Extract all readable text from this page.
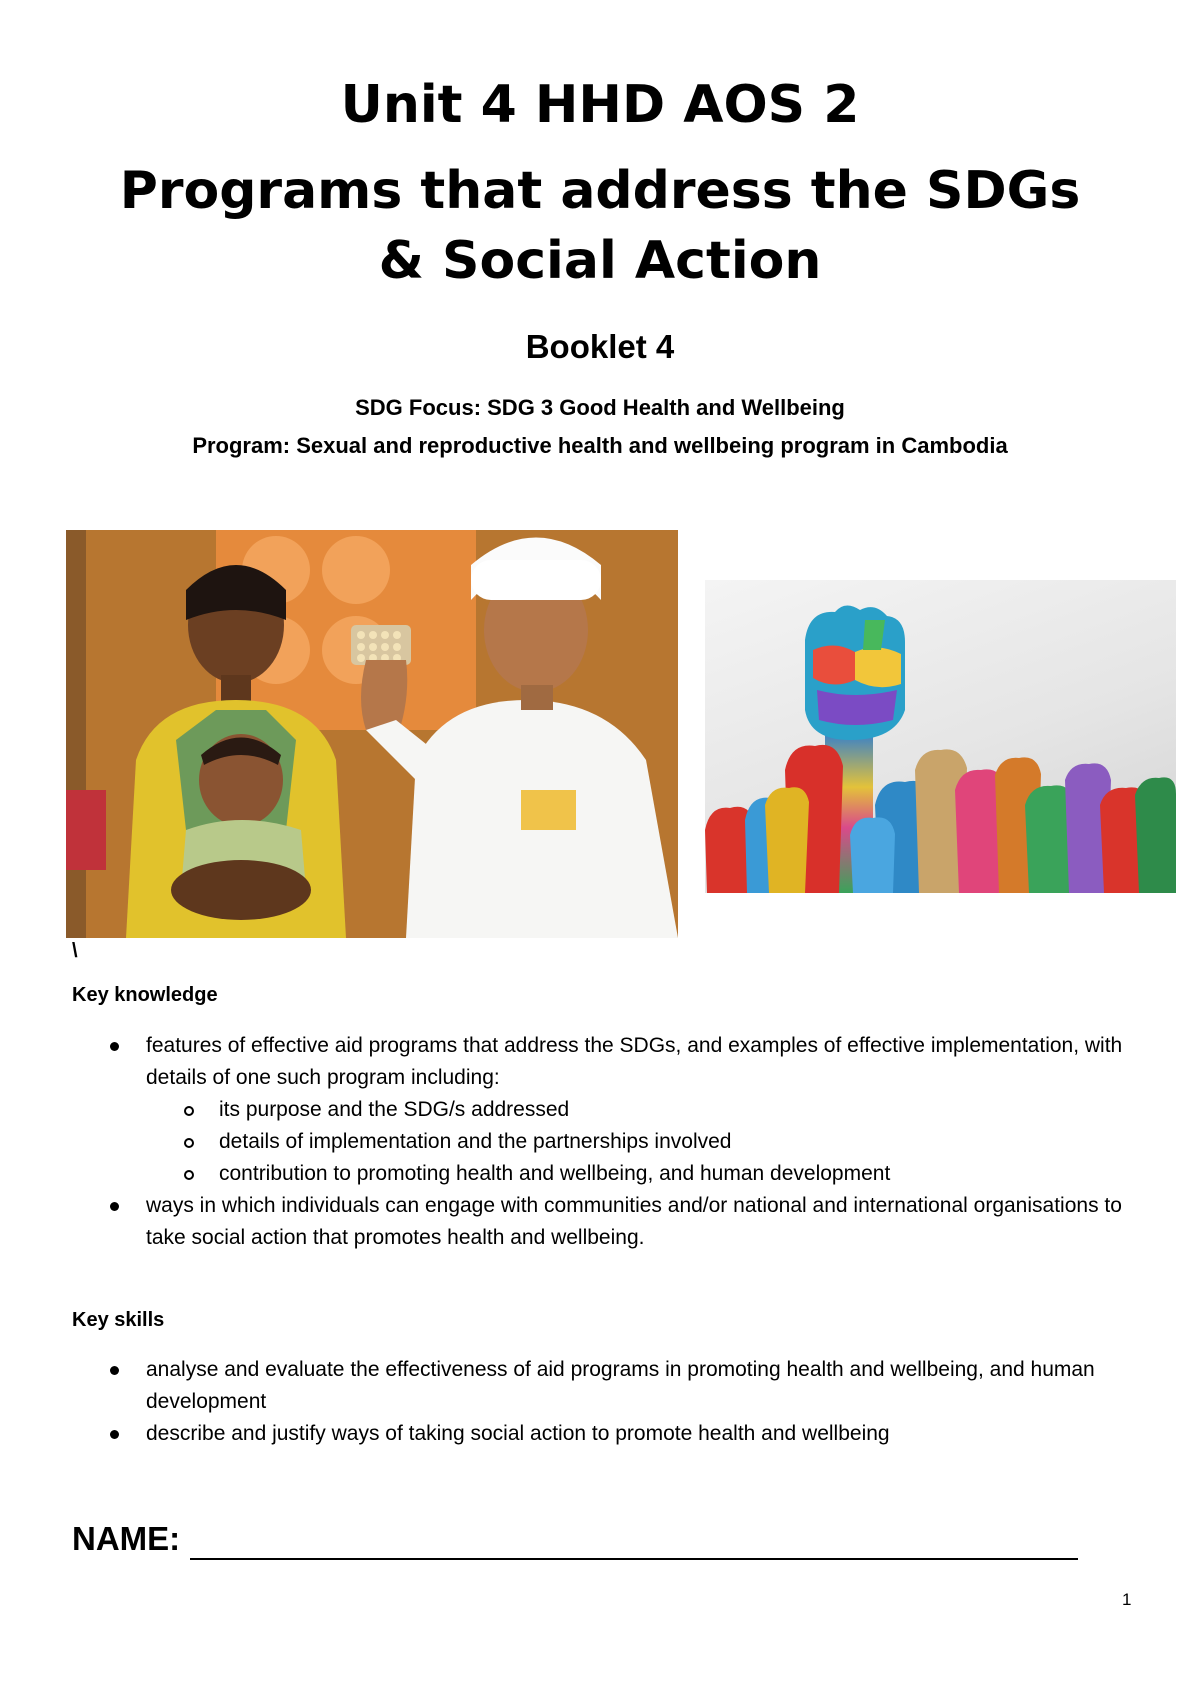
Unit 4 HHD AOS 2
Programs that address the SDGs
& Social Action
Booklet 4
SDG Focus: SDG 3 Good Health and Wellbeing
Program: Sexual and reproductive health and wellbeing program in Cambodia
\
Key knowledge
features of effective aid programs that address the SDGs, and examples of effective implementation, with details of one such program including:
its purpose and the SDG/s addressed
details of implementation and the partnerships involved
contribution to promoting health and wellbeing, and human development
ways in which individuals can engage with communities and/or national and international organisations to take social action that promotes health and wellbeing.
Key skills
analyse and evaluate the effectiveness of aid programs in promoting health and wellbeing, and human development
describe and justify ways of taking social action to promote health and wellbeing
NAME:
1
